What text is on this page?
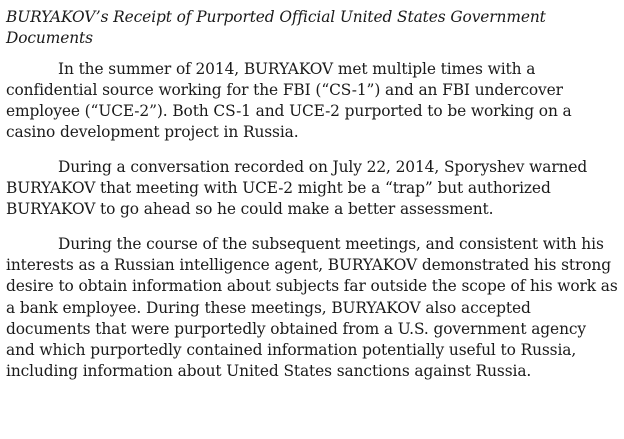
BURYAKOV’s Receipt of Purported Official United States Government Documents

In the summer of 2014, BURYAKOV met multiple times with a confidential source working for the FBI (“CS-1”) and an FBI undercover employee (“UCE-2”). Both CS-1 and UCE-2 purported to be working on a casino development project in Russia.

During a conversation recorded on July 22, 2014, Sporyshev warned BURYAKOV that meeting with UCE-2 might be a “trap” but authorized BURYAKOV to go ahead so he could make a better assessment.

During the course of the subsequent meetings, and consistent with his interests as a Russian intelligence agent, BURYAKOV demonstrated his strong desire to obtain information about subjects far outside the scope of his work as a bank employee. During these meetings, BURYAKOV also accepted documents that were purportedly obtained from a U.S. government agency and which purportedly contained information potentially useful to Russia, including information about United States sanctions against Russia.
